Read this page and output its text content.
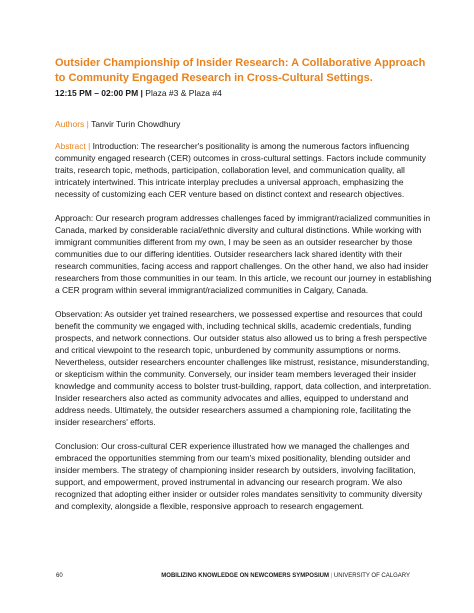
Outsider Championship of Insider Research: A Collaborative Approach to Community Engaged Research in Cross-Cultural Settings.
12:15 PM – 02:00 PM | Plaza #3 & Plaza #4
Authors | Tanvir Turin Chowdhury

Abstract | Introduction: The researcher's positionality is among the numerous factors influencing community engaged research (CER) outcomes in cross-cultural settings. Factors include community traits, research topic, methods, participation, collaboration level, and communication quality, all intricately intertwined. This intricate interplay precludes a universal approach, emphasizing the necessity of customizing each CER venture based on distinct context and research objectives.

Approach: Our research program addresses challenges faced by immigrant/racialized communities in Canada, marked by considerable racial/ethnic diversity and cultural distinctions. While working with immigrant communities different from my own, I may be seen as an outsider researcher by those communities due to our differing identities. Outsider researchers lack shared identity with their research communities, facing access and rapport challenges. On the other hand, we also had insider researchers from those communities in our team. In this article, we recount our journey in establishing a CER program within several immigrant/racialized communities in Calgary, Canada.

Observation: As outsider yet trained researchers, we possessed expertise and resources that could benefit the community we engaged with, including technical skills, academic credentials, funding prospects, and network connections. Our outsider status also allowed us to bring a fresh perspective and critical viewpoint to the research topic, unburdened by community assumptions or norms. Nevertheless, outsider researchers encounter challenges like mistrust, resistance, misunderstanding, or skepticism within the community. Conversely, our insider team members leveraged their insider knowledge and community access to bolster trust-building, rapport, data collection, and interpretation. Insider researchers also acted as community advocates and allies, equipped to understand and address needs. Ultimately, the outsider researchers assumed a championing role, facilitating the insider researchers' efforts.

Conclusion: Our cross-cultural CER experience illustrated how we managed the challenges and embraced the opportunities stemming from our team's mixed positionality, blending outsider and insider members. The strategy of championing insider research by outsiders, involving facilitation, support, and empowerment, proved instrumental in advancing our research program. We also recognized that adopting either insider or outsider roles mandates sensitivity to community diversity and complexity, alongside a flexible, responsive approach to research engagement.

60	MOBILIZING KNOWLEDGE ON NEWCOMERS SYMPOSIUM | UNIVERSITY OF CALGARY
